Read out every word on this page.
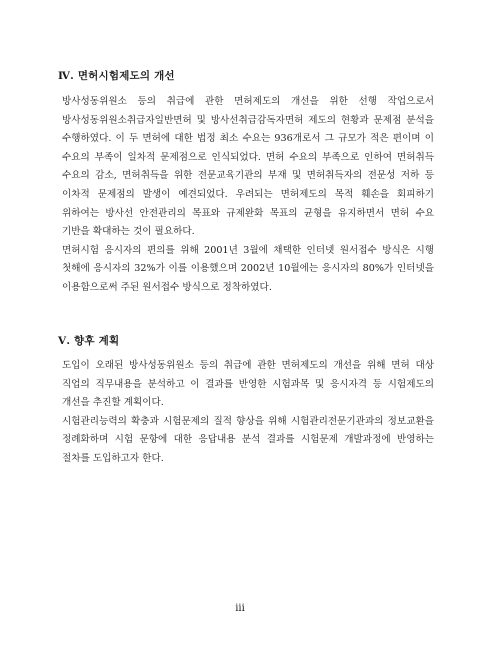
Ⅳ. 면허시험제도의 개선

방사성동위원소 등의 취급에 관한 면허제도의 개선을 위한 선행 작업으로서 방사성동위원소취급자일반면허 및 방사선취급감독자면허 제도의 현황과 문제점 분석을 수행하였다. 이 두 면허에 대한 법정 최소 수요는 936개로서 그 규모가 적은 편이며 이 수요의 부족이 일차적 문제점으로 인식되었다. 면허 수요의 부족으로 인하여 면허취득 수요의 감소, 면허취득을 위한 전문교육기관의 부재 및 면허취득자의 전문성 저하 등 이차적 문제점의 발생이 예견되었다. 우려되는 면허제도의 목적 훼손을 회피하기 위하여는 방사선 안전관리의 목표와 규제완화 목표의 균형을 유지하면서 면허 수요 기반을 확대하는 것이 필요하다.

면허시험 응시자의 편의를 위해 2001년 3월에 채택한 인터넷 원서접수 방식은 시행 첫해에 응시자의 32%가 이를 이용했으며 2002년 10월에는 응시자의 80%가 인터넷을 이용함으로써 주된 원서접수 방식으로 정착하였다.

Ⅴ. 향후 계획

도입이 오래된 방사성동위원소 등의 취급에 관한 면허제도의 개선을 위해 면허 대상 직업의 직무내용을 분석하고 이 결과를 반영한 시험과목 및 응시자격 등 시험제도의 개선을 추진할 계획이다.

시험관리능력의 확충과 시험문제의 질적 향상을 위해 시험관리전문기관과의 정보교환을 정례화하며 시험 문항에 대한 응답내용 분석 결과를 시험문제 개발과정에 반영하는 절차를 도입하고자 한다.

iii
